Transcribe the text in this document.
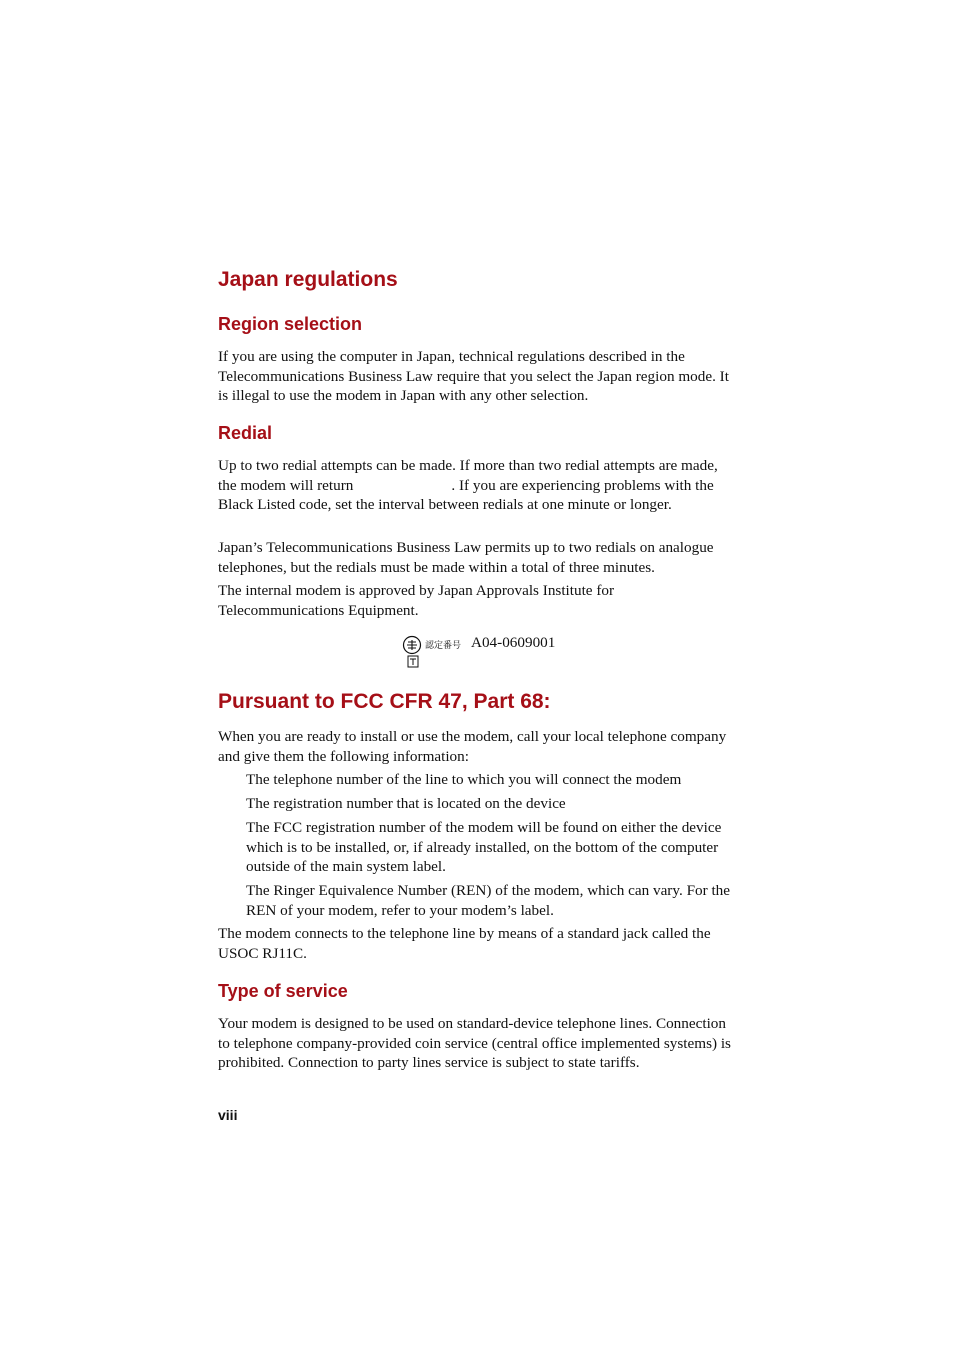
Japan regulations
Region selection

If you are using the computer in Japan, technical regulations described in the Telecommunications Business Law require that you select the Japan region mode. It is illegal to use the modem in Japan with any other selection.

Redial

Up to two redial attempts can be made. If more than two redial attempts are made, the modem will return	. If you are experiencing problems with the Black Listed code, set the interval between redials at one minute or longer.

Japan’s Telecommunications Business Law permits up to two redials on analogue telephones, but the redials must be made within a total of three minutes.

The internal modem is approved by Japan Approvals Institute for Telecommunications Equipment.

認定番号 A04-0609001
Pursuant to FCC CFR 47, Part 68:

When you are ready to install or use the modem, call your local telephone company and give them the following information:

The telephone number of the line to which you will connect the modem

The registration number that is located on the device

The FCC registration number of the modem will be found on either the device which is to be installed, or, if already installed, on the bottom of the computer outside of the main system label.

The Ringer Equivalence Number (REN) of the modem, which can vary. For the REN of your modem, refer to your modem’s label.

The modem connects to the telephone line by means of a standard jack called the USOC RJ11C.

Type of service

Your modem is designed to be used on standard-device telephone lines. Connection to telephone company-provided coin service (central office implemented systems) is prohibited. Connection to party lines service is subject to state tariffs.

viii
